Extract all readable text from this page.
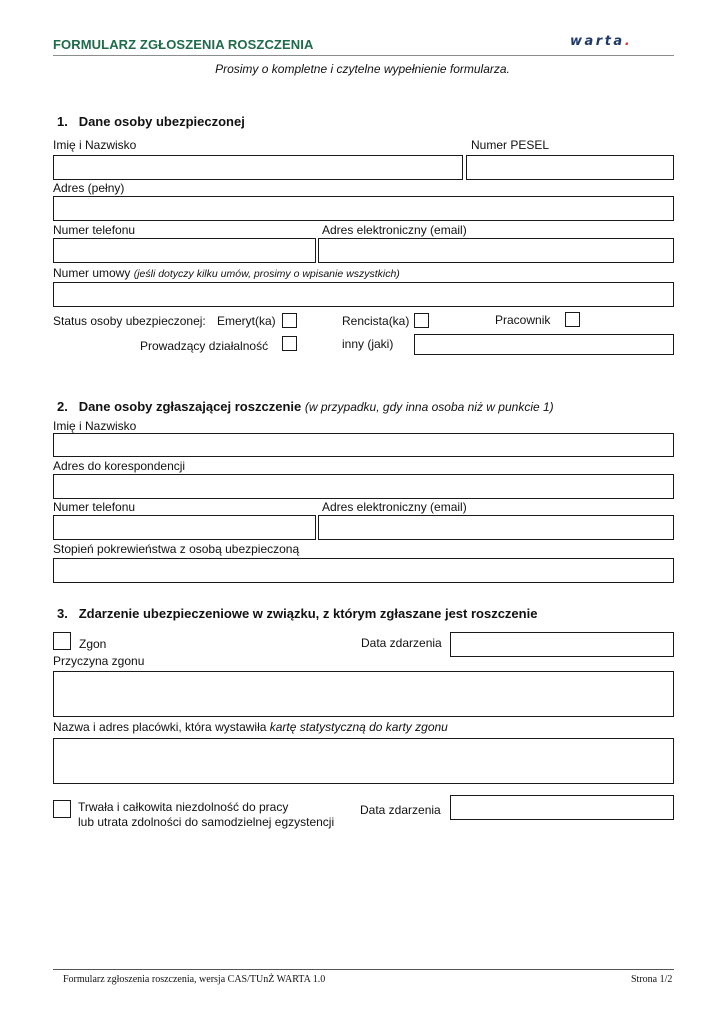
FORMULARZ ZGŁOSZENIA ROSZCZENIA	warta.
Prosimy o kompletne i czytelne wypełnienie formularza.
1. Dane osoby ubezpieczonej
Imię i Nazwisko	Numer PESEL
Adres (pełny)
Numer telefonu	Adres elektroniczny (email)
Numer umowy (jeśli dotyczy kilku umów, prosimy o wpisanie wszystkich)
Status osoby ubezpieczonej: Emeryt(ka)	Rencista(ka)	Pracownik
Prowadzący działalność	inny (jaki)
2. Dane osoby zgłaszającej roszczenie (w przypadku, gdy inna osoba niż w punkcie 1)
Imię i Nazwisko
Adres do korespondencji
Numer telefonu	Adres elektroniczny (email)
Stopień pokrewieństwa z osobą ubezpieczoną
3. Zdarzenie ubezpieczeniowe w związku, z którym zgłaszane jest roszczenie
Zgon	Data zdarzenia
Przyczyna zgonu
Nazwa i adres placówki, która wystawiła kartę statystyczną do karty zgonu
Trwała i całkowita niezdolność do pracy
lub utrata zdolności do samodzielnej egzystencji
Data zdarzenia
Formularz zgłoszenia roszczenia, wersja CAS/TUnŻ WARTA 1.0	Strona 1/2
